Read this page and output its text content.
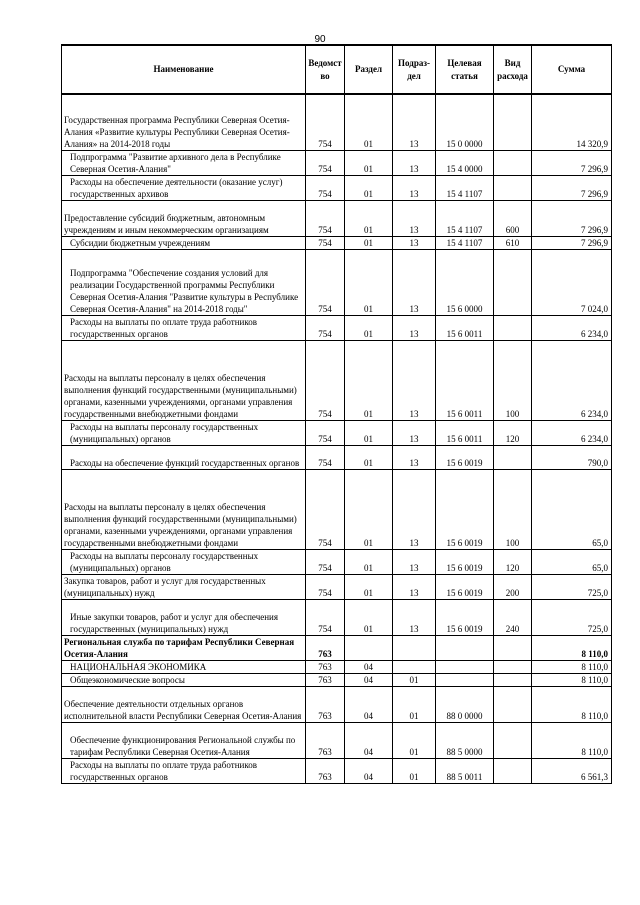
90
Наименование	Ведомст во	Раздел	Подраз- дел	Целевая статья	Вид расхода	Сумма
Государственная программа Республики Северная Осетия-Алания «Развитие культуры Республики Северная Осетия-Алания» на 2014-2018 годы	754	01	13	15 0 0000		14 320,9
Подпрограмма "Развитие архивного дела в Республике Северная Осетия-Алания"	754	01	13	15 4 0000		7 296,9
Расходы на обеспечение деятельности (оказание услуг) государственных архивов	754	01	13	15 4 1107		7 296,9
Предоставление субсидий бюджетным, автономным учреждениям и иным некоммерческим организациям	754	01	13	15 4 1107	600	7 296,9
Субсидии бюджетным учреждениям	754	01	13	15 4 1107	610	7 296,9
Подпрограмма "Обеспечение создания условий для реализации Государственной программы Республики Северная Осетия-Алания "Развитие культуры в Республике Северная Осетия-Алания" на 2014-2018 годы"	754	01	13	15 6 0000		7 024,0
Расходы на выплаты по оплате труда работников государственных органов	754	01	13	15 6 0011		6 234,0
Расходы на выплаты персоналу в целях обеспечения выполнения функций государственными (муниципальными) органами, казенными учреждениями, органами управления государственными внебюджетными фондами	754	01	13	15 6 0011	100	6 234,0
Расходы на выплаты персоналу государственных (муниципальных) органов	754	01	13	15 6 0011	120	6 234,0
Расходы на обеспечение функций государственных органов	754	01	13	15 6 0019		790,0
Расходы на выплаты персоналу в целях обеспечения выполнения функций государственными (муниципальными) органами, казенными учреждениями, органами управления государственными внебюджетными фондами	754	01	13	15 6 0019	100	65,0
Расходы на выплаты персоналу государственных (муниципальных) органов	754	01	13	15 6 0019	120	65,0
Закупка товаров, работ и услуг для государственных (муниципальных) нужд	754	01	13	15 6 0019	200	725,0
Иные закупки товаров, работ и услуг для обеспечения государственных (муниципальных) нужд	754	01	13	15 6 0019	240	725,0
Региональная служба по тарифам Республики Северная Осетия-Алания	763					8 110,0
НАЦИОНАЛЬНАЯ ЭКОНОМИКА	763	04				8 110,0
Общеэкономические вопросы	763	04	01			8 110,0
Обеспечение деятельности отдельных органов исполнительной власти Республики Северная Осетия-Алания	763	04	01	88 0 0000		8 110,0
Обеспечение функционирования Региональной службы по тарифам Республики Северная Осетия-Алания	763	04	01	88 5 0000		8 110,0
Расходы на выплаты по оплате труда работников государственных органов	763	04	01	88 5 0011		6 561,3
